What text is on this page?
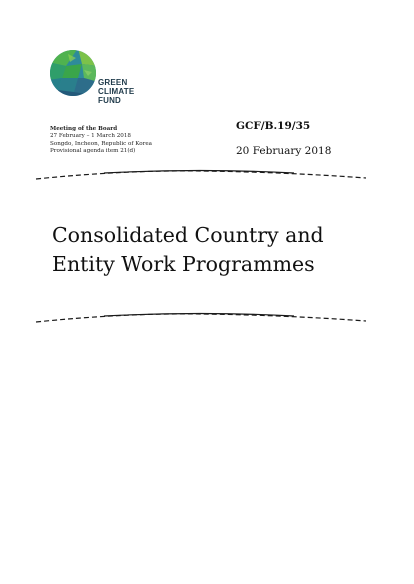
GREEN
CLIMATE
FUND
Meeting of the Board
27 February – 1 March 2018
Songdo, Incheon, Republic of Korea
Provisional agenda item 21(d)
GCF/B.19/35
20 February 2018
Consolidated Country and
Entity Work Programmes
